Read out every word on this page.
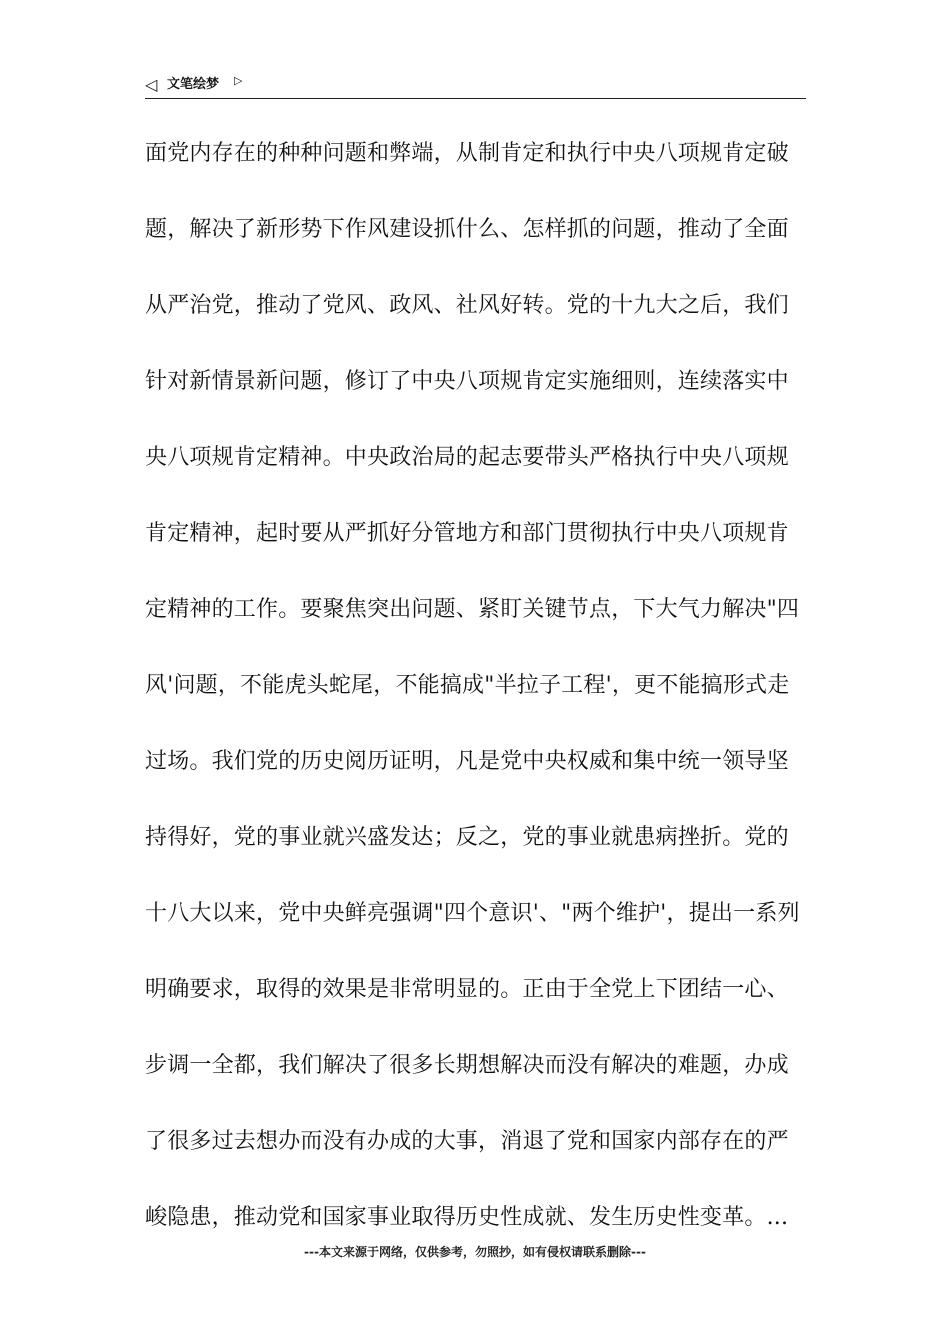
◁ 文笔绘梦 ▷
面党内存在的种种问题和弊端，从制肯定和执行中央八项规肯定破
题，解决了新形势下作风建设抓什么、怎样抓的问题，推动了全面
从严治党，推动了党风、政风、社风好转。党的十九大之后，我们
针对新情景新问题，修订了中央八项规肯定实施细则，连续落实中
央八项规肯定精神。中央政治局的起志要带头严格执行中央八项规
肯定精神，起时要从严抓好分管地方和部门贯彻执行中央八项规肯
定精神的工作。要聚焦突出问题、紧盯关键节点，下大气力解决"四
风'问题，不能虎头蛇尾，不能搞成"半拉子工程'，更不能搞形式走
过场。我们党的历史阅历证明，凡是党中央权威和集中统一领导坚
持得好，党的事业就兴盛发达；反之，党的事业就患病挫折。党的
十八大以来，党中央鲜亮强调"四个意识'、"两个维护'，提出一系列
明确要求，取得的效果是非常明显的。正由于全党上下团结一心、
步调一全都，我们解决了很多长期想解决而没有解决的难题，办成
了很多过去想办而没有办成的大事，消退了党和国家内部存在的严
峻隐患，推动党和国家事业取得历史性成就、发生历史性变革。...
---本文来源于网络，仅供参考，勿照抄，如有侵权请联系删除---
